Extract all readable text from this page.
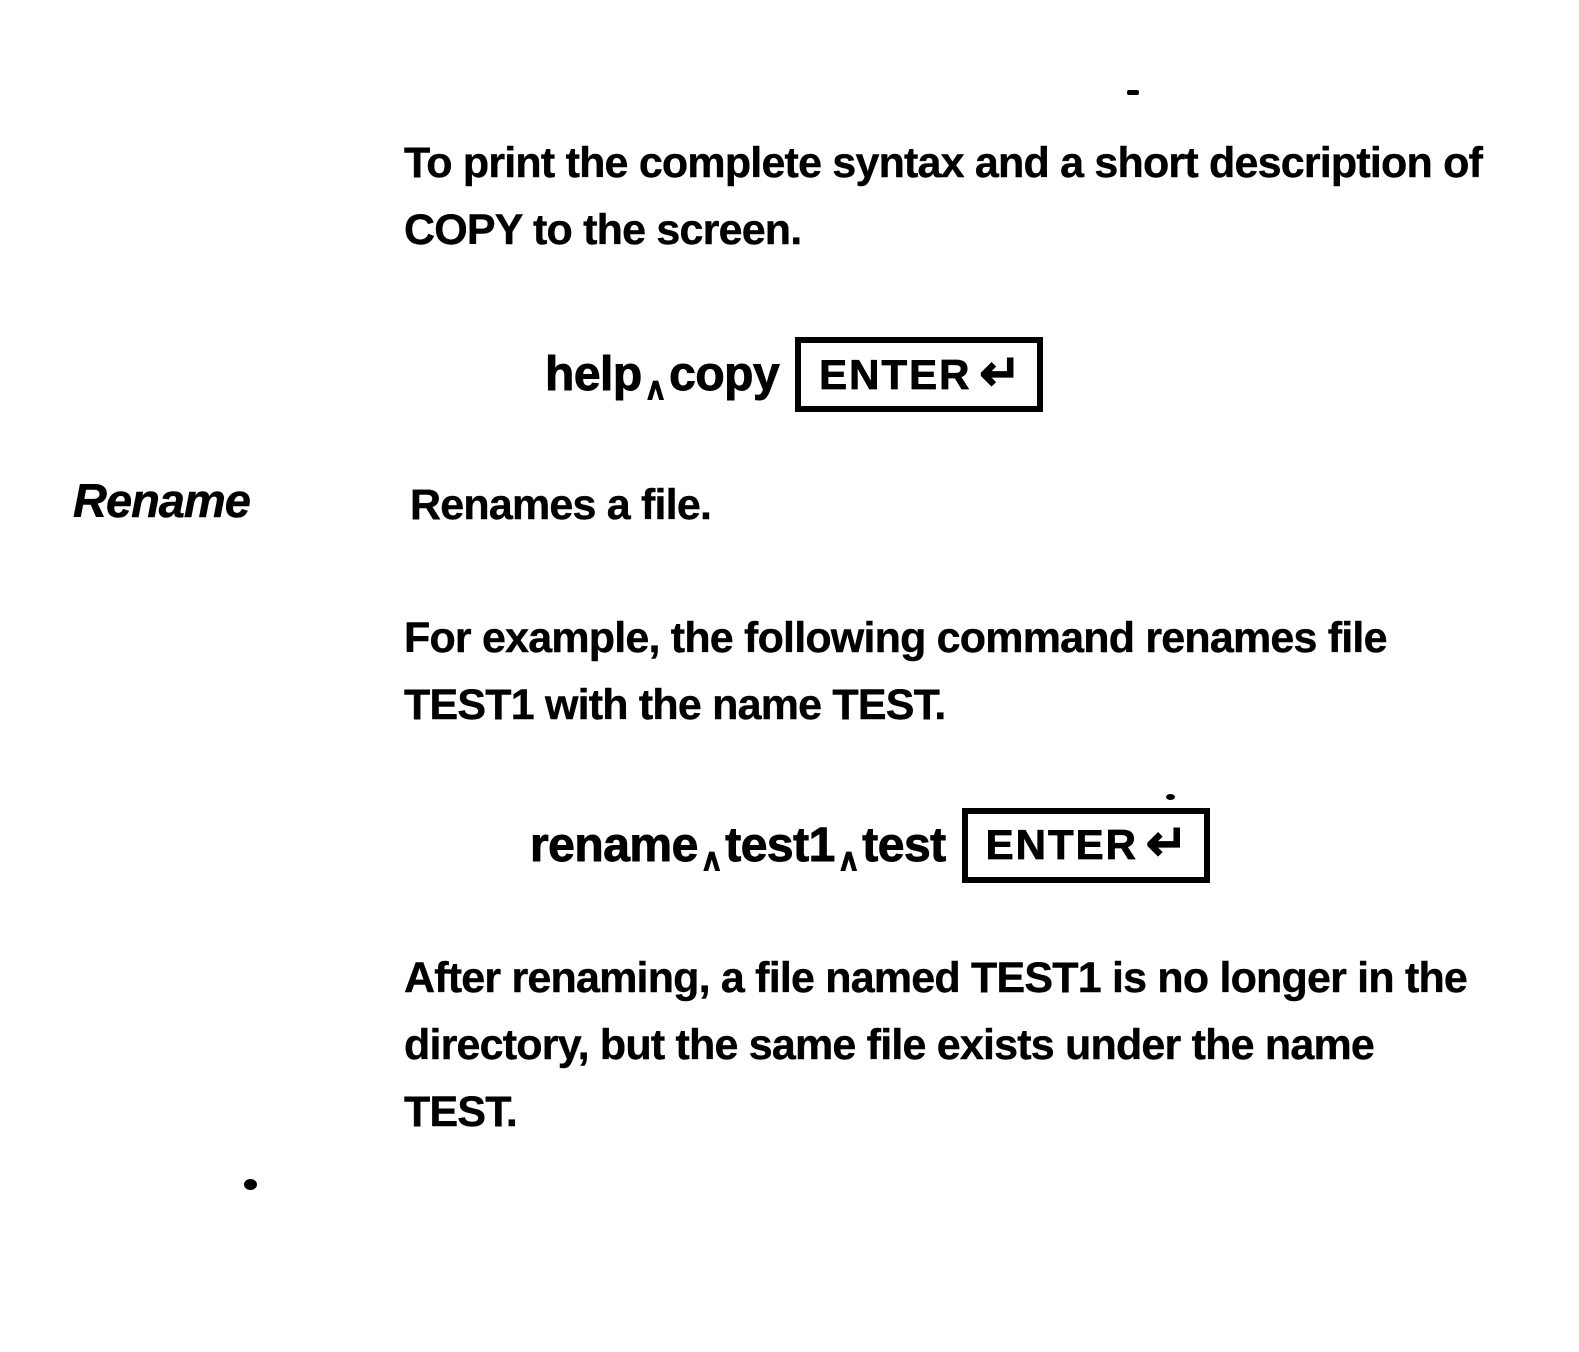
To print the complete syntax and a short description of
COPY to the screen.

help ∧copy ENTER ↵
Rename	Renames a file.

For example, the following command renames file
TEST1 with the name TEST.

rename ∧test1 ∧test ENTER ↵

After renaming, a file named TEST1 is no longer in the
directory, but the same file exists under the name
TEST.
